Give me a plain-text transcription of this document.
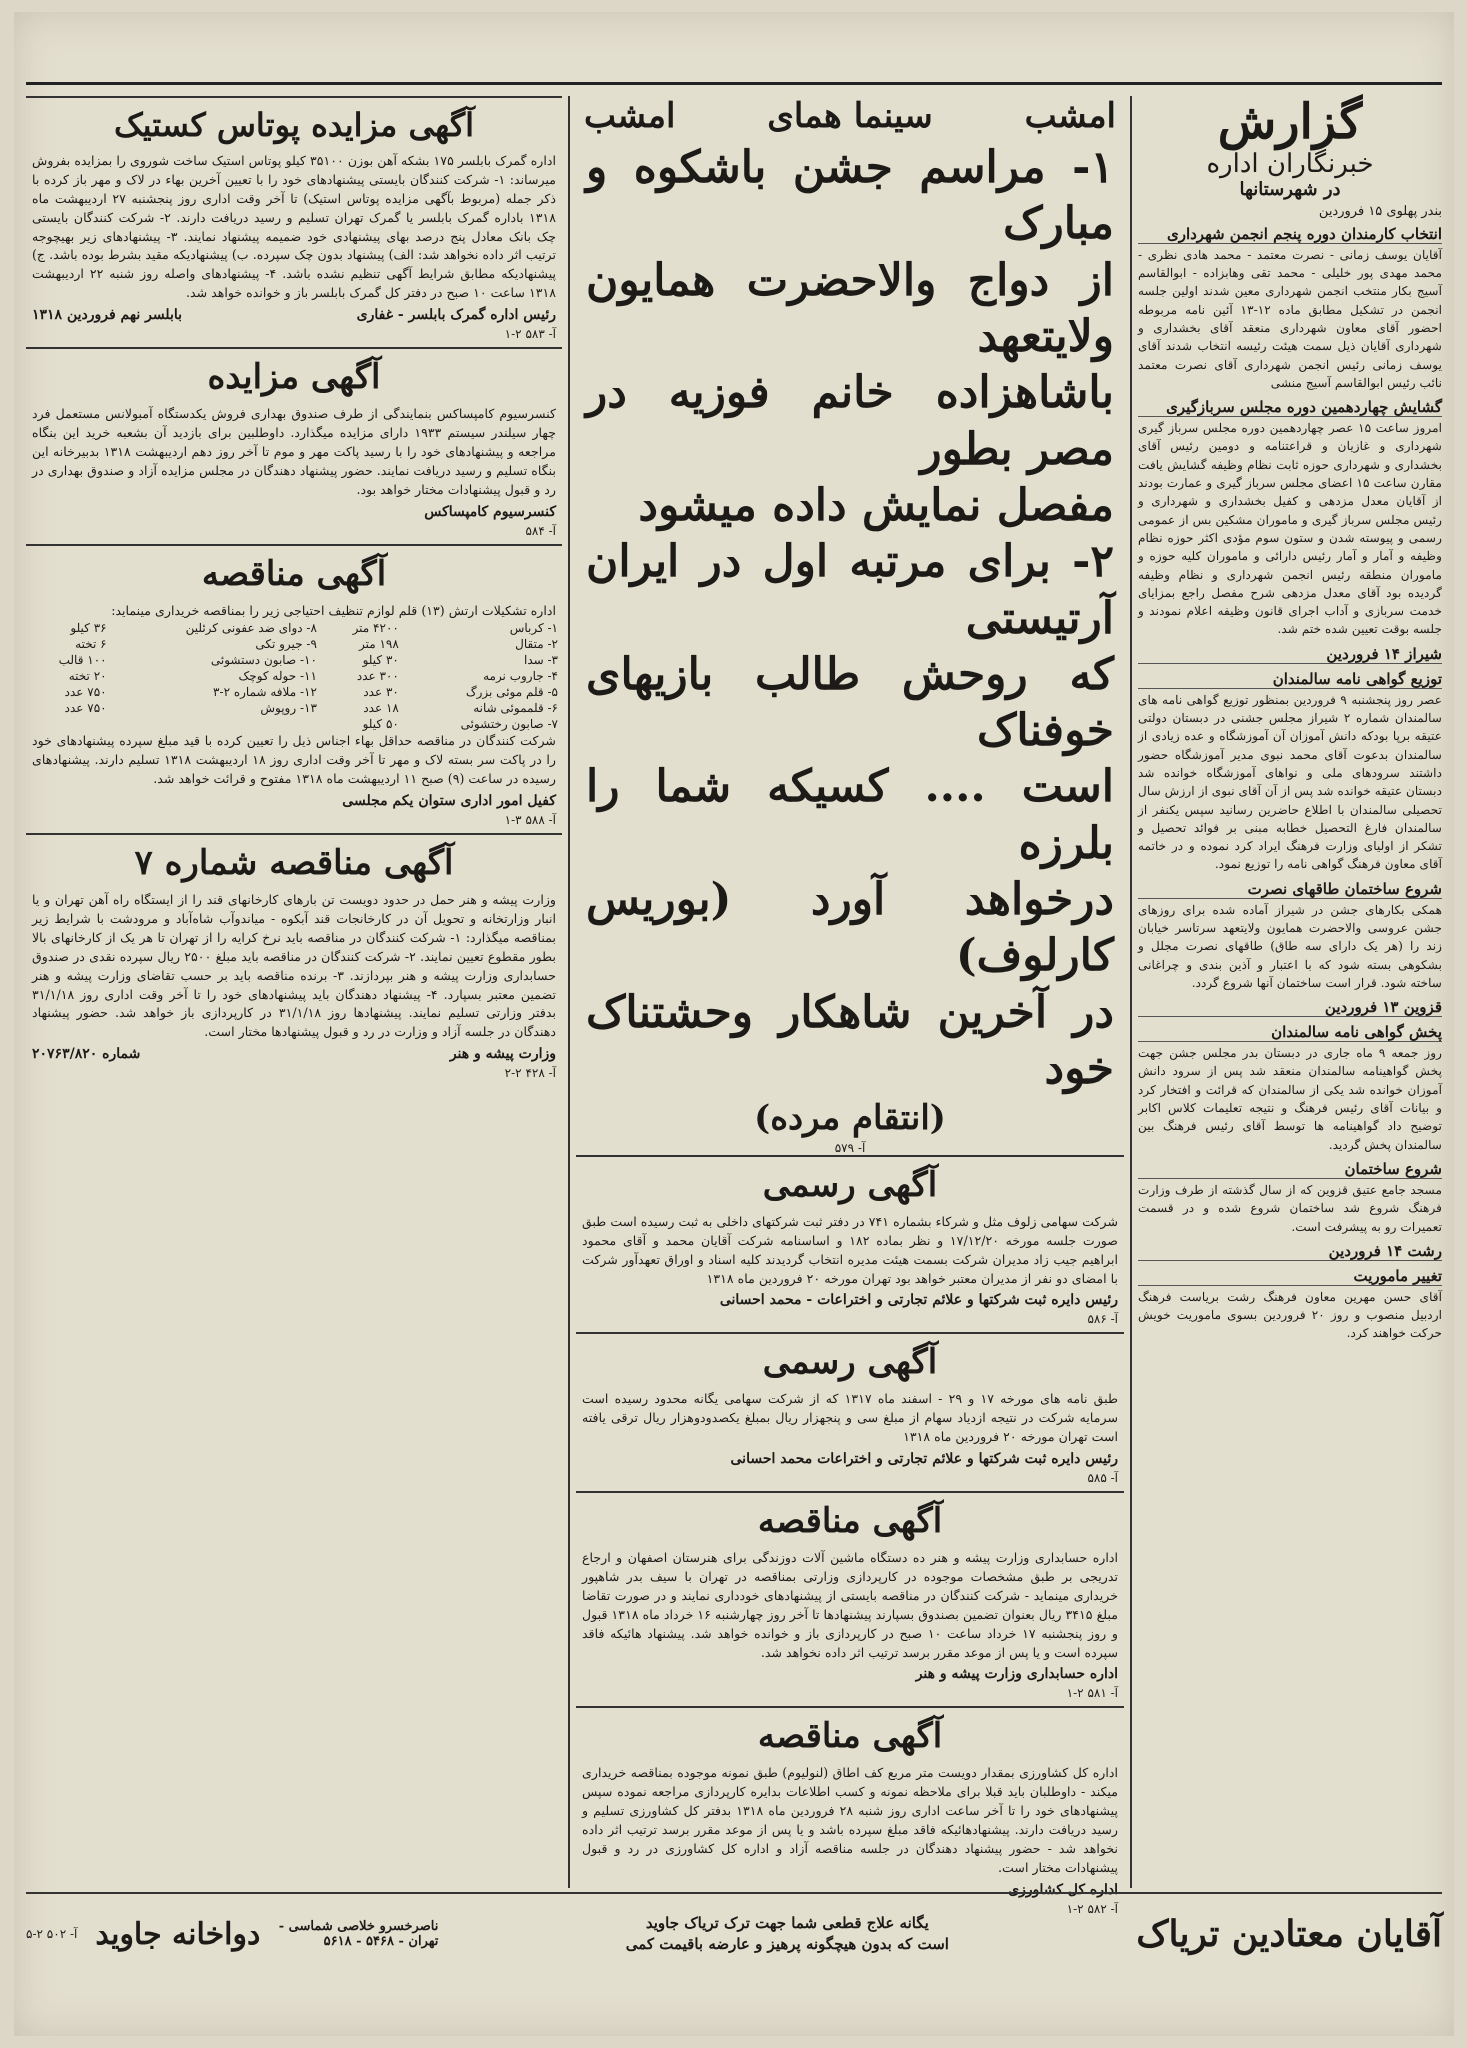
گزارش
خبرنگاران اداره
در شهرستانها
بندر پهلوی ۱۵ فروردین
انتخاب کارمندان دوره پنجم انجمن شهرداری

آقایان یوسف زمانی - نصرت معتمد - محمد هادی نظری - محمد مهدی پور خلیلی - محمد تقی وهابزاده - ابوالقاسم آسیج بکار منتخب انجمن شهرداری معین شدند اولین جلسه انجمن در تشکیل مطابق ماده ۱۲-۱۳ آئین نامه مربوطه احضور آقای معاون شهرداری منعقد آقای بخشداری و شهرداری آقایان ذیل سمت هیئت رئیسه انتخاب شدند آقای یوسف زمانی رئیس انجمن شهرداری آقای نصرت معتمد نائب رئیس ابوالقاسم آسیج منشی

گشایش چهاردهمین دوره مجلس سربازگیری

امروز ساعت ۱۵ عصر چهاردهمین دوره مجلس سرباز گیری شهرداری و غازیان و قراعتنامه و دومین رئیس آقای بخشداری و شهرداری حوزه ثابت نظام وظیفه گشایش یافت مقارن ساعت ۱۵ اعضای مجلس سرباز گیری و عمارت بودند از آقایان معدل مزدهی و کفیل بخشداری و شهرداری و رئیس مجلس سرباز گیری و ماموران مشکین بس از عمومی رسمی و پیوسته شدن و ستون سوم مؤدی اکثر حوزه نظام وظیفه و آمار و آمار رئیس دارائی و ماموران کلیه حوزه و ماموران منطقه رئیس انجمن شهرداری و نظام وظیفه گردیده بود آقای معدل مزدهی شرح مفصل راجع بمزایای خدمت سربازی و آداب اجرای قانون وظیفه اعلام نمودند و جلسه بوقت تعیین شده ختم شد.

شیراز ۱۴ فروردین
توزیع گواهی نامه سالمندان

عصر روز پنجشنبه ۹ فروردین بمنظور توزیع گواهی نامه های سالمندان شماره ۲ شیراز مجلس جشنی در دبستان دولتی عتیقه برپا بودکه دانش آموزان آن آموزشگاه و عده زیادی از سالمندان بدعوت آقای محمد نبوی مدیر آموزشگاه حضور داشتند سرودهای ملی و نواهای آموزشگاه خوانده شد دبستان عتیقه خوانده شد پس از آن آقای نبوی از ارزش سال تحصیلی سالمندان با اطلاع حاضرین رسانید سپس یکنفر از سالمندان فارغ التحصیل خطابه مبنی بر فوائد تحصیل و تشکر از اولیای وزارت فرهنگ ایراد کرد نموده و در خاتمه آقای معاون فرهنگ گواهی نامه را توزیع نمود.

شروع ساختمان طاقهای نصرت

همکی بکارهای جشن در شیراز آماده شده برای روزهای جشن عروسی والاحضرت همایون ولایتعهد سرتاسر خیابان زند را (هر یک دارای سه طاق) طاقهای نصرت مجلل و بشکوهی بسته شود که با اعتبار و آذین بندی و چراغانی ساخته شود. قرار است ساختمان آنها شروع گردد.

قزوین ۱۳ فروردین
پخش گواهی نامه سالمندان

روز جمعه ۹ ماه جاری در دبستان بدر مجلس جشن جهت پخش گواهینامه سالمندان منعقد شد پس از سرود دانش آموزان خوانده شد یکی از سالمندان که قرائت و افتخار کرد و بیانات آقای رئیس فرهنگ و نتیجه تعلیمات کلاس اکابر توضیح داد گواهینامه ها توسط آقای رئیس فرهنگ بین سالمندان پخش گردید.

شروع ساختمان

مسجد جامع عتیق قزوین که از سال گذشته از طرف وزارت فرهنگ شروع شد ساختمان شروع شده و در قسمت تعمیرات رو به پیشرفت است.

رشت ۱۴ فروردین
تغییر ماموریت

آقای حسن مهرین معاون فرهنگ رشت بریاست فرهنگ اردبیل منصوب و روز ۲۰ فروردین بسوی ماموریت خویش حرکت خواهند کرد.

امشب
سینما همای
امشب

۱- مراسم جشن باشکوه و مبارک

از دواج والاحضرت همایون ولایتعهد

باشاهزاده خانم فوزیه در مصر بطور

مفصل نمایش داده میشود

۲- برای مرتبه اول در ایران آرتیستی

که روحش طالب بازیهای خوفناک

است .... کسیکه شما را بلرزه

درخواهد آورد (بوریس کارلوف)

در آخرین شاهکار وحشتناک خود

(انتقام مرده)

آ- ۵۷۹
آگهی رسمی
شرکت سهامی زلوف مثل و شرکاء بشماره ۷۴۱ در دفتر ثبت شرکتهای داخلی به ثبت رسیده است طبق صورت جلسه مورخه ۱۷/۱۲/۲۰ و نظر بماده ۱۸۲ و اساسنامه شرکت آقایان محمد و آقای محمود ابراهیم جیب زاد مدیران شرکت بسمت هیئت مدیره انتخاب گردیدند کلیه اسناد و اوراق تعهدآور شرکت با امضای دو نفر از مدیران معتبر خواهد بود تهران مورخه ۲۰ فروردین ماه ۱۳۱۸
رئیس دایره ثبت شرکتها و علائم تجارتی و اختراعات - محمد احسانی
آ- ۵۸۶
آگهی رسمی
طبق نامه های مورخه ۱۷ و ۲۹ - اسفند ماه ۱۳۱۷ که از شرکت سهامی یگانه محدود رسیده است سرمایه شرکت در نتیجه ازدیاد سهام از مبلغ سی و پنجهزار ریال بمبلغ یکصدودوهزار ریال ترقی یافته است تهران مورخه ۲۰ فروردین ماه ۱۳۱۸
رئیس دایره ثبت شرکتها و علائم تجارتی و اختراعات محمد احسانی
آ- ۵۸۵
آگهی مناقصه
اداره حسابداری وزارت پیشه و هنر ده دستگاه ماشین آلات دوزندگی برای هنرستان اصفهان و ارجاع تدریجی بر طبق مشخصات موجوده در کارپردازی وزارتی بمناقصه در تهران با سیف بدر شاهپور خریداری مینماید - شرکت کنندگان در مناقصه بایستی از پیشنهادهای خودداری نمایند و در صورت تقاضا مبلغ ۳۴۱۵ ریال بعنوان تضمین بصندوق بسپارند پیشنهادها تا آخر روز چهارشنبه ۱۶ خرداد ماه ۱۳۱۸ قبول و روز پنجشنبه ۱۷ خرداد ساعت ۱۰ صبح در کارپردازی باز و خوانده خواهد شد. پیشنهاد هائیکه فاقد سپرده است و یا پس از موعد مقرر برسد ترتیب اثر داده نخواهد شد.
اداره حسابداری وزارت پیشه و هنر
آ- ۵۸۱ ۲-۱
آگهی مناقصه
اداره کل کشاورزی بمقدار دویست متر مربع کف اطاق (لنولیوم) طبق نمونه موجوده بمناقصه خریداری میکند - داوطلبان باید قبلا برای ملاحظه نمونه و کسب اطلاعات بدایره کارپردازی مراجعه نموده سپس پیشنهادهای خود را تا آخر ساعت اداری روز شنبه ۲۸ فروردین ماه ۱۳۱۸ بدفتر کل کشاورزی تسلیم و رسید دریافت دارند. پیشنهادهائیکه فاقد مبلغ سپرده باشد و یا پس از موعد مقرر برسد ترتیب اثر داده نخواهد شد - حضور پیشنهاد دهندگان در جلسه مناقصه آزاد و اداره کل کشاورزی در رد و قبول پیشنهادات مختار است.
اداره کل کشاورزی
آ- ۵۸۲ ۲-۱
آگهی مزایده پوتاس کستیک
اداره گمرک بابلسر ۱۷۵ بشکه آهن بوزن ۳۵۱۰۰ کیلو پوتاس استیک ساخت شوروی را بمزایده بفروش میرساند: ۱- شرکت کنندگان بایستی پیشنهادهای خود را با تعیین آخرین بهاء در لاک و مهر باز کرده با ذکر جمله (مربوط بآگهی مزایده پوتاس استیک) تا آخر وقت اداری روز پنجشنبه ۲۷ اردیبهشت ماه ۱۳۱۸ باداره گمرک بابلسر یا گمرک تهران تسلیم و رسید دریافت دارند. ۲- شرکت کنندگان بایستی چک بانک معادل پنج درصد بهای پیشنهادی خود ضمیمه پیشنهاد نمایند. ۳- پیشنهادهای زیر بهیچوجه ترتیب اثر داده نخواهد شد: الف) پیشنهاد بدون چک سپرده. ب) پیشنهادیکه مقید بشرط بوده باشد. ج) پیشنهادیکه مطابق شرایط آگهی تنظیم نشده باشد. ۴- پیشنهادهای واصله روز شنبه ۲۲ اردیبهشت ۱۳۱۸ ساعت ۱۰ صبح در دفتر کل گمرک بابلسر باز و خوانده خواهد شد.
رئیس اداره گمرک بابلسر - غفاری
بابلسر نهم فروردین ۱۳۱۸
آ- ۵۸۳ ۲-۱
آگهی مزایده
کنسرسیوم کامپساکس بنمایندگی از طرف صندوق بهداری فروش یکدستگاه آمبولانس مستعمل فرد چهار سیلندر سیستم ۱۹۳۳ دارای مزایده میگذارد. داوطلبین برای بازدید آن بشعبه خرید این بنگاه مراجعه و پیشنهادهای خود را با رسید پاکت مهر و موم تا آخر روز دهم اردیبهشت ۱۳۱۸ بدبیرخانه این بنگاه تسلیم و رسید دریافت نمایند. حضور پیشنهاد دهندگان در مجلس مزایده آزاد و صندوق بهداری در رد و قبول پیشنهادات مختار خواهد بود.
کنسرسیوم کامپساکس
آ- ۵۸۴
آگهی مناقصه
اداره تشکیلات ارتش (۱۳) قلم لوازم تنظیف احتیاجی زیر را بمناقصه خریداری مینماید:
۱- کرباس	۴۲۰۰ متر	۸- دوای ضد عفونی کرئلین	۳۶ کیلو
۲- متقال	۱۹۸ متر	۹- جیرو تکی	۶ تخته
۳- سدا	۳۰ کیلو	۱۰- صابون دستشوئی	۱۰۰ قالب
۴- جاروب نرمه	۳۰۰ عدد	۱۱- حوله کوچک	۲۰ تخته
۵- قلم موئی بزرگ	۳۰ عدد	۱۲- ملافه شماره ۲-۳	۷۵۰ عدد
۶- قلمموئی شانه	۱۸ عدد	۱۳- روپوش	۷۵۰ عدد
۷- صابون رختشوئی	۵۰ کیلو		
شرکت کنندگان در مناقصه حداقل بهاء اجناس ذیل را تعیین کرده با قید مبلغ سپرده پیشنهادهای خود را در پاکت سر بسته لاک و مهر تا آخر وقت اداری روز ۱۸ اردیبهشت ۱۳۱۸ تسلیم دارند. پیشنهادهای رسیده در ساعت (۹) صبح ۱۱ اردیبهشت ماه ۱۳۱۸ مفتوح و قرائت خواهد شد.
کفیل امور اداری ستوان یکم مجلسی
آ- ۵۸۸ ۳-۱
آگهی مناقصه شماره ۷
وزارت پیشه و هنر حمل در حدود دویست تن بارهای کارخانهای قند را از ایستگاه راه آهن تهران و یا انبار وزارتخانه و تحویل آن در کارخانجات قند آبکوه - میاندوآب شاه‌آباد و مرودشت با شرایط زیر بمناقصه میگذارد: ۱- شرکت کنندگان در مناقصه باید نرخ کرایه را از تهران تا هر یک از کارخانهای بالا بطور مقطوع تعیین نمایند. ۲- شرکت کنندگان در مناقصه باید مبلغ ۲۵۰۰ ریال سپرده نقدی در صندوق حسابداری وزارت پیشه و هنر بپردازند. ۳- برنده مناقصه باید بر حسب تقاضای وزارت پیشه و هنر تضمین معتبر بسپارد. ۴- پیشنهاد دهندگان باید پیشنهادهای خود را تا آخر وقت اداری روز ۳۱/۱/۱۸ بدفتر وزارتی تسلیم نمایند. پیشنهادها روز ۳۱/۱/۱۸ در کارپردازی باز خواهد شد. حضور پیشنهاد دهندگان در جلسه آزاد و وزارت در رد و قبول پیشنهادها مختار است.
وزارت پیشه و هنر
شماره ۲۰۷۶۳/۸۲۰
آ- ۴۲۸ ۲-۲
آقایان معتادین تریاک
یگانه علاج قطعی شما جهت ترک تریاک جاوید
است که بدون هیچگونه پرهیز و عارضه باقیمت کمی
ناصرخسرو خلاصی شماسی - تهران - ۵۴۶۸ - ۵۶۱۸
دواخانه جاوید
آ- ۵۰۲ ۲-۵
